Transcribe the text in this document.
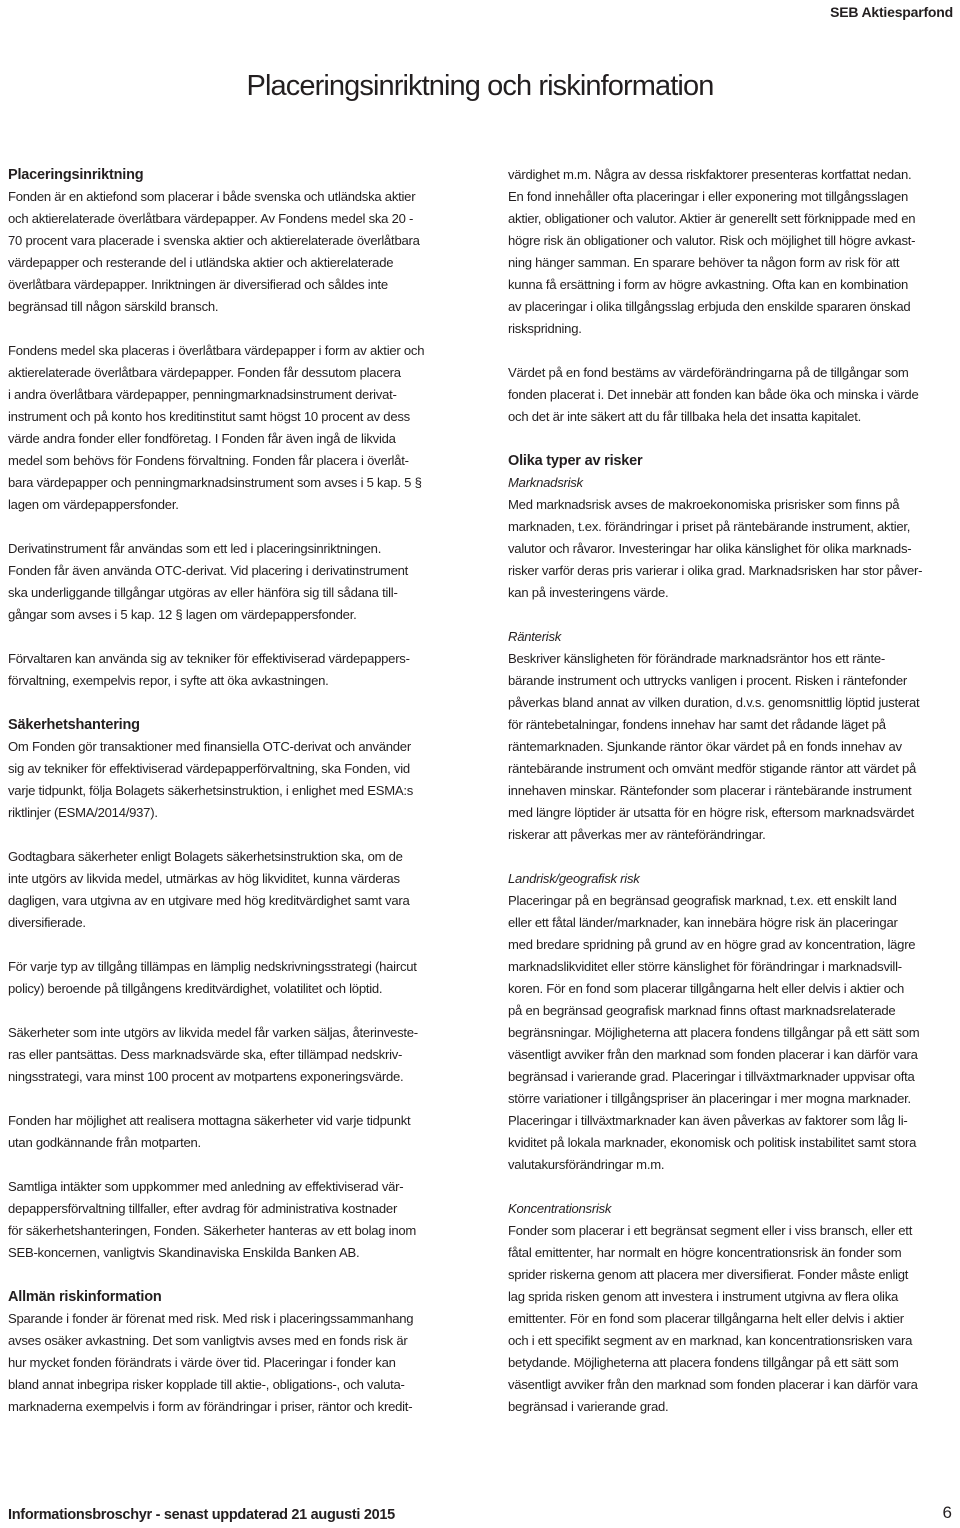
SEB Aktiesparfond
Placeringsinriktning och riskinformation
Placeringsinriktning

Fonden är en aktiefond som placerar i både svenska och utländska aktier
och aktierelaterade överlåtbara värdepapper. Av Fondens medel ska 20 -
70 procent vara placerade i svenska aktier och aktierelaterade överlåtbara
värdepapper och resterande del i utländska aktier och aktierelaterade
överlåtbara värdepapper. Inriktningen är diversifierad och såldes inte
begränsad till någon särskild bransch.

Fondens medel ska placeras i överlåtbara värdepapper i form av aktier och
aktierelaterade överlåtbara värdepapper. Fonden får dessutom placera
i andra överlåtbara värdepapper, penningmarknadsinstrument derivat-
instrument och på konto hos kreditinstitut samt högst 10 procent av dess
värde andra fonder eller fondföretag. I Fonden får även ingå de likvida
medel som behövs för Fondens förvaltning. Fonden får placera i överlåt-
bara värdepapper och penningmarknadsinstrument som avses i 5 kap. 5 §
lagen om värdepappersfonder.

Derivatinstrument får användas som ett led i placeringsinriktningen.
Fonden får även använda OTC-derivat. Vid placering i derivatinstrument
ska underliggande tillgångar utgöras av eller hänföra sig till sådana till-
gångar som avses i 5 kap. 12 § lagen om värdepappersfonder.

Förvaltaren kan använda sig av tekniker för effektiviserad värdepappers-
förvaltning, exempelvis repor, i syfte att öka avkastningen.

Säkerhetshantering

Om Fonden gör transaktioner med finansiella OTC-derivat och använder
sig av tekniker för effektiviserad värdepapperförvaltning, ska Fonden, vid
varje tidpunkt, följa Bolagets säkerhetsinstruktion, i enlighet med ESMA:s
riktlinjer (ESMA/2014/937).

Godtagbara säkerheter enligt Bolagets säkerhetsinstruktion ska, om de
inte utgörs av likvida medel, utmärkas av hög likviditet, kunna värderas
dagligen, vara utgivna av en utgivare med hög kreditvärdighet samt vara
diversifierade.

För varje typ av tillgång tillämpas en lämplig nedskrivningsstrategi (haircut
policy) beroende på tillgångens kreditvärdighet, volatilitet och löptid.

Säkerheter som inte utgörs av likvida medel får varken säljas, återinveste-
ras eller pantsättas. Dess marknadsvärde ska, efter tillämpad nedskriv-
ningsstrategi, vara minst 100 procent av motpartens exponeringsvärde.

Fonden har möjlighet att realisera mottagna säkerheter vid varje tidpunkt
utan godkännande från motparten.

Samtliga intäkter som uppkommer med anledning av effektiviserad vär-
depappersförvaltning tillfaller, efter avdrag för administrativa kostnader
för säkerhetshanteringen, Fonden. Säkerheter hanteras av ett bolag inom
SEB-koncernen, vanligtvis Skandinaviska Enskilda Banken AB.

Allmän riskinformation

Sparande i fonder är förenat med risk. Med risk i placeringssammanhang
avses osäker avkastning. Det som vanligtvis avses med en fonds risk är
hur mycket fonden förändrats i värde över tid. Placeringar i fonder kan
bland annat inbegripa risker kopplade till aktie-, obligations-, och valuta-
marknaderna exempelvis i form av förändringar i priser, räntor och kredit-

värdighet m.m. Några av dessa riskfaktorer presenteras kortfattat nedan.
En fond innehåller ofta placeringar i eller exponering mot tillgångsslagen
aktier, obligationer och valutor. Aktier är generellt sett förknippade med en
högre risk än obligationer och valutor. Risk och möjlighet till högre avkast-
ning hänger samman. En sparare behöver ta någon form av risk för att
kunna få ersättning i form av högre avkastning. Ofta kan en kombination
av placeringar i olika tillgångsslag erbjuda den enskilde spararen önskad
riskspridning.

Värdet på en fond bestäms av värdeförändringarna på de tillgångar som
fonden placerat i. Det innebär att fonden kan både öka och minska i värde
och det är inte säkert att du får tillbaka hela det insatta kapitalet.

Olika typer av risker
Marknadsrisk

Med marknadsrisk avses de makroekonomiska prisrisker som finns på
marknaden, t.ex. förändringar i priset på räntebärande instrument, aktier,
valutor och råvaror. Investeringar har olika känslighet för olika marknads-
risker varför deras pris varierar i olika grad. Marknadsrisken har stor påver-
kan på investeringens värde.

Ränterisk

Beskriver känsligheten för förändrade marknadsräntor hos ett ränte-
bärande instrument och uttrycks vanligen i procent. Risken i räntefonder
påverkas bland annat av vilken duration, d.v.s. genomsnittlig löptid justerat
för räntebetalningar, fondens innehav har samt det rådande läget på
räntemarknaden. Sjunkande räntor ökar värdet på en fonds innehav av
räntebärande instrument och omvänt medför stigande räntor att värdet på
innehaven minskar. Räntefonder som placerar i räntebärande instrument
med längre löptider är utsatta för en högre risk, eftersom marknadsvärdet
riskerar att påverkas mer av ränteförändringar.

Landrisk/geografisk risk

Placeringar på en begränsad geografisk marknad, t.ex. ett enskilt land
eller ett fåtal länder/marknader, kan innebära högre risk än placeringar
med bredare spridning på grund av en högre grad av koncentration, lägre
marknadslikviditet eller större känslighet för förändringar i marknadsvill-
koren. För en fond som placerar tillgångarna helt eller delvis i aktier och
på en begränsad geografisk marknad finns oftast marknadsrelaterade
begränsningar. Möjligheterna att placera fondens tillgångar på ett sätt som
väsentligt avviker från den marknad som fonden placerar i kan därför vara
begränsad i varierande grad. Placeringar i tillväxtmarknader uppvisar ofta
större variationer i tillgångspriser än placeringar i mer mogna marknader.
Placeringar i tillväxtmarknader kan även påverkas av faktorer som låg li-
kviditet på lokala marknader, ekonomisk och politisk instabilitet samt stora
valutakursförändringar m.m.

Koncentrationsrisk

Fonder som placerar i ett begränsat segment eller i viss bransch, eller ett
fåtal emittenter, har normalt en högre koncentrationsrisk än fonder som
sprider riskerna genom att placera mer diversifierat. Fonder måste enligt
lag sprida risken genom att investera i instrument utgivna av flera olika
emittenter. För en fond som placerar tillgångarna helt eller delvis i aktier
och i ett specifikt segment av en marknad, kan koncentrationsrisken vara
betydande. Möjligheterna att placera fondens tillgångar på ett sätt som
väsentligt avviker från den marknad som fonden placerar i kan därför vara
begränsad i varierande grad.

Informationsbroschyr - senast uppdaterad 21 augusti 2015	6
